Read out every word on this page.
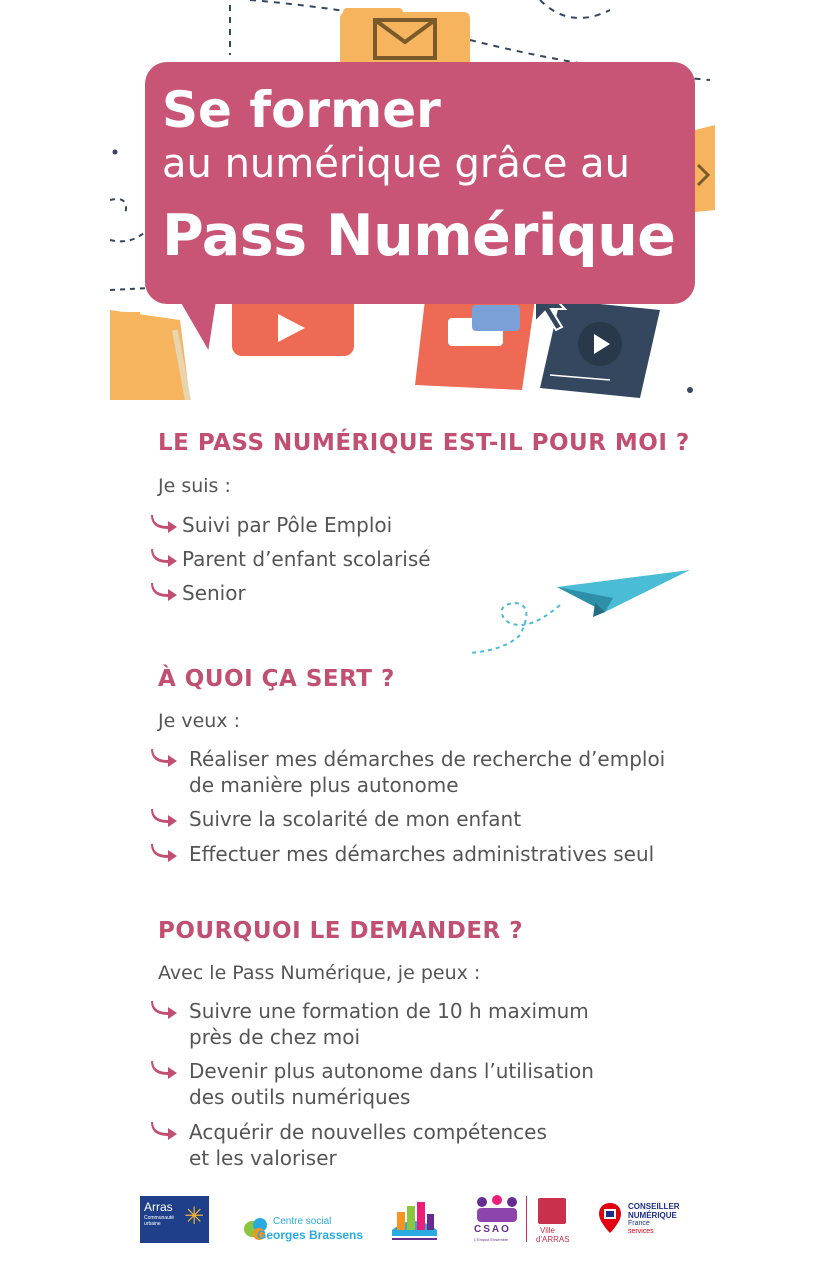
Se former
au numérique grâce au
Pass Numérique
LE PASS NUMÉRIQUE EST-IL POUR MOI ?
Je suis :
Suivi par Pôle Emploi
Parent d’enfant scolarisé
Senior
À QUOI ÇA SERT ?
Je veux :
Réaliser mes démarches de recherche d’emploi
de manière plus autonome
Suivre la scolarité de mon enfant
Effectuer mes démarches administratives seul
POURQUOI LE DEMANDER ?
Avec le Pass Numérique, je peux :
Suivre une formation de 10 h maximum
près de chez moi
Devenir plus autonome dans l’utilisation
des outils numériques
Acquérir de nouvelles compétences
et les valoriser
Arras
Communauté urbaine ✳	Centre social
Georges Brassens	CSAO
L'Emploi Ensemble
Ville
d'ARRAS
CONSEILLER
NUMÉRIQUE
France
services
